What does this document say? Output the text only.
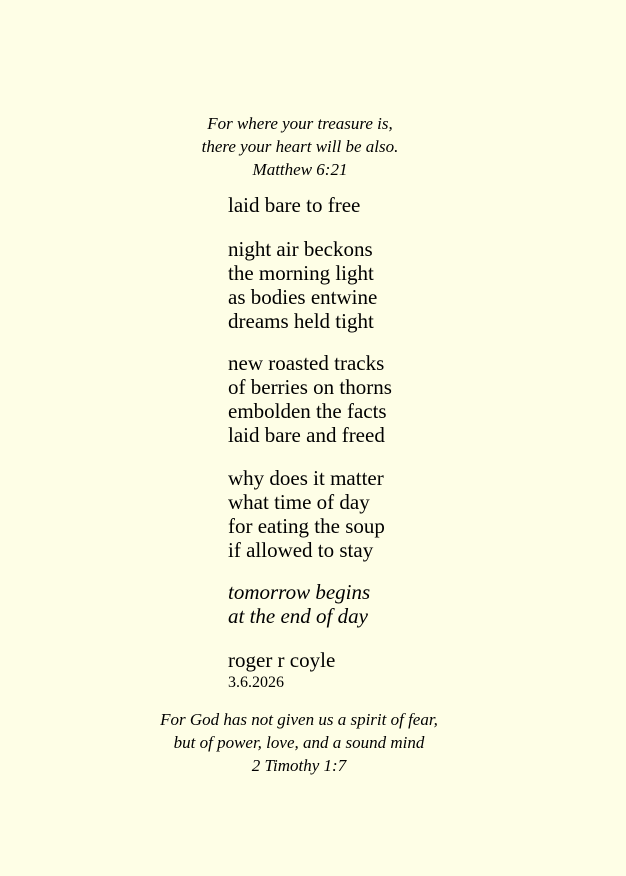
For where your treasure is,
there your heart will be also.
Matthew 6:21
laid bare to free
night air beckons
the morning light
as bodies entwine
dreams held tight
new roasted tracks
of berries on thorns
embolden the facts
laid bare and freed
why does it matter
what time of day
for eating the soup
if allowed to stay
tomorrow begins
at the end of day
roger r coyle
3.6.2026
For God has not given us a spirit of fear,
but of power, love, and a sound mind
2 Timothy 1:7
